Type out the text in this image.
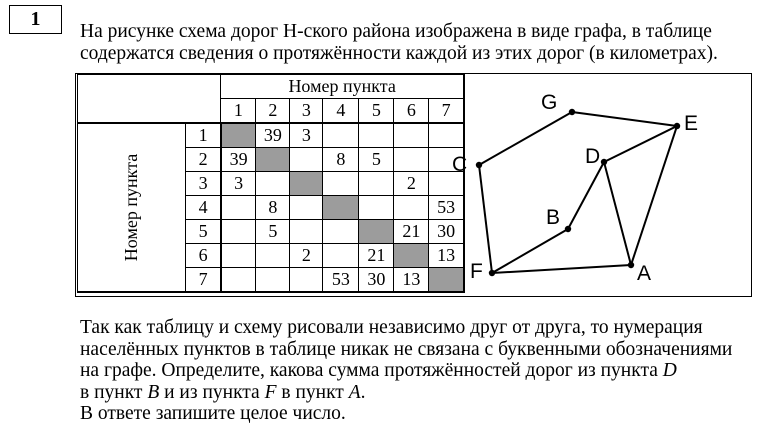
1

На рисунке схема дорог Н-ского района изображена в виде графа, в таблице
содержатся сведения о протяжённости каждой из этих дорог (в километрах).

		Номер пункта						
		1	2	3	4	5	6	7
Номер пункта	1		39	3				
	2	39			8	5		
	3	3					2	
	4		8					53
	5		5				21	30
	6			2		21		13
	7				53	30	13	
G
E
C	D
B
F	A

Так как таблицу и схему рисовали независимо друг от друга, то нумерация
населённых пунктов в таблице никак не связана с буквенными обозначениями
на графе. Определите, какова сумма протяжённостей дорог из пункта D
в пункт B и из пункта F в пункт A.
В ответе запишите целое число.
